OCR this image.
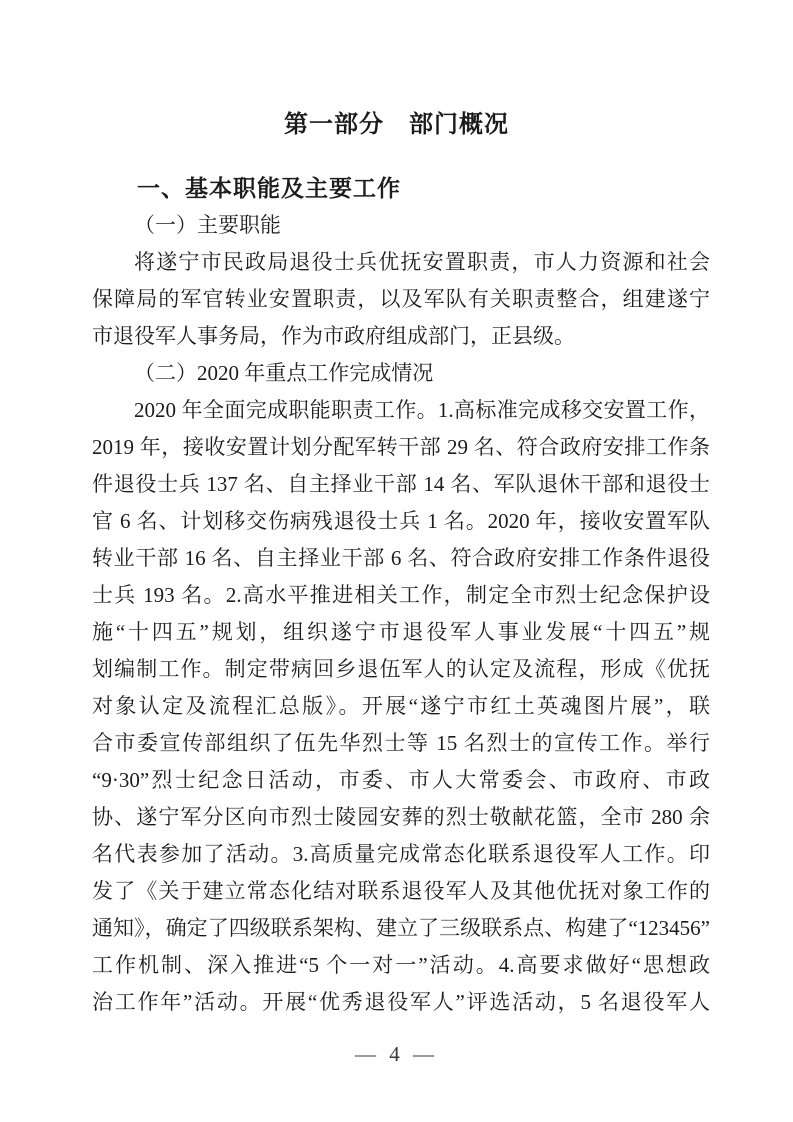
第一部分　部门概况
一、基本职能及主要工作
（一）主要职能
将遂宁市民政局退役士兵优抚安置职责，市人力资源和社会
保障局的军官转业安置职责，以及军队有关职责整合，组建遂宁
市退役军人事务局，作为市政府组成部门，正县级。
（二）2020 年重点工作完成情况
2020 年全面完成职能职责工作。1.高标准完成移交安置工作，
2019 年，接收安置计划分配军转干部 29 名、符合政府安排工作条
件退役士兵 137 名、自主择业干部 14 名、军队退休干部和退役士
官 6 名、计划移交伤病残退役士兵 1 名。2020 年，接收安置军队
转业干部 16 名、自主择业干部 6 名、符合政府安排工作条件退役
士兵 193 名。2.高水平推进相关工作，制定全市烈士纪念保护设
施“十四五”规划，组织遂宁市退役军人事业发展“十四五”规
划编制工作。制定带病回乡退伍军人的认定及流程，形成《优抚
对象认定及流程汇总版》。开展“遂宁市红土英魂图片展”，联
合市委宣传部组织了伍先华烈士等 15 名烈士的宣传工作。举行
“9·30”烈士纪念日活动，市委、市人大常委会、市政府、市政
协、遂宁军分区向市烈士陵园安葬的烈士敬献花篮，全市 280 余
名代表参加了活动。3.高质量完成常态化联系退役军人工作。印
发了《关于建立常态化结对联系退役军人及其他优抚对象工作的
通知》，确定了四级联系架构、建立了三级联系点、构建了“123456”
工作机制、深入推进“5 个一对一”活动。4.高要求做好“思想政
治工作年”活动。开展“优秀退役军人”评选活动，5 名退役军人
— 4 —
